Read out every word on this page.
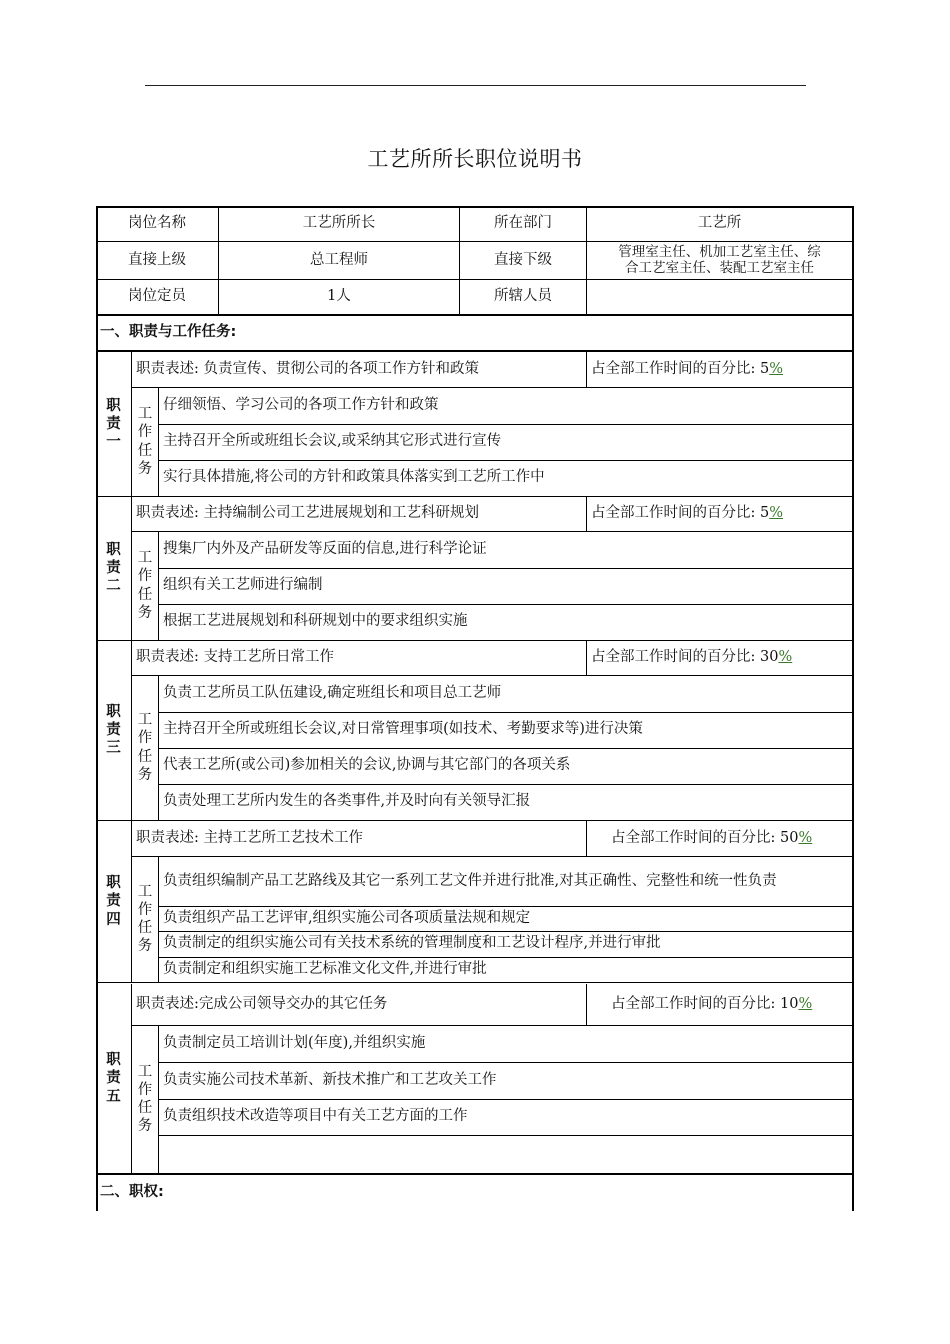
工艺所所长职位说明书
岗位名称	工艺所所长	所在部门	工艺所
直接上级	总工程师	直接下级	管理室主任、机加工艺室主任、综
合工艺室主任、装配工艺室主任
岗位定员	1人	所辖人员
一、职责与工作任务:
职
责
一
职责表述: 负责宣传、贯彻公司的各项工作方针和政策	占全部工作时间的百分比: 5 %
工
作
任
务
仔细领悟、学习公司的各项工作方针和政策
主持召开全所或班组长会议,或采纳其它形式进行宣传
实行具体措施,将公司的方针和政策具体落实到工艺所工作中
职
责
二
职责表述: 主持编制公司工艺进展规划和工艺科研规划	占全部工作时间的百分比: 5 %
工
作
任
务
搜集厂内外及产品研发等反面的信息,进行科学论证
组织有关工艺师进行编制
根据工艺进展规划和科研规划中的要求组织实施
职
责
三
职责表述: 支持工艺所日常工作	占全部工作时间的百分比: 30 %
工
作
任
务
负责工艺所员工队伍建设,确定班组长和项目总工艺师
主持召开全所或班组长会议,对日常管理事项(如技术、考勤要求等)进行决策
代表工艺所(或公司)参加相关的会议,协调与其它部门的各项关系
负责处理工艺所内发生的各类事件,并及时向有关领导汇报
职
责
四
职责表述: 主持工艺所工艺技术工作	占全部工作时间的百分比: 50 %
工
作
任
务
负责组织编制产品工艺路线及其它一系列工艺文件并进行批准,对其正确性、完整性和统一性负责
负责组织产品工艺评审,组织实施公司各项质量法规和规定
负责制定的组织实施公司有关技术系统的管理制度和工艺设计程序,并进行审批
负责制定和组织实施工艺标准文化文件,并进行审批
职
责
五
职责表述:完成公司领导交办的其它任务	占全部工作时间的百分比: 10 %
工
作
任
务
负责制定员工培训计划(年度),并组织实施
负责实施公司技术革新、新技术推广和工艺攻关工作
负责组织技术改造等项目中有关工艺方面的工作
二、职权:
